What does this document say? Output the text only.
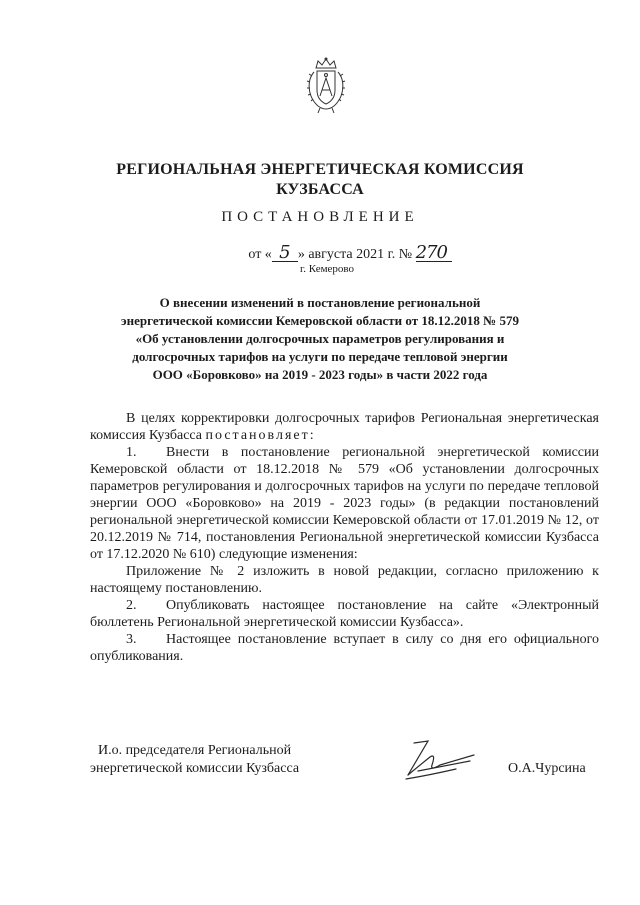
РЕГИОНАЛЬНАЯ ЭНЕРГЕТИЧЕСКАЯ КОМИССИЯ
КУЗБАССА
ПОСТАНОВЛЕНИЕ
от « 5 » августа 2021 г. № 270
г. Кемерово
О внесении изменений в постановление региональной
энергетической комиссии Кемеровской области от 18.12.2018 № 579
«Об установлении долгосрочных параметров регулирования и
долгосрочных тарифов на услуги по передаче тепловой энергии
ООО «Боровково» на 2019 - 2023 годы» в части 2022 года

В целях корректировки долгосрочных тарифов Региональная энергетическая комиссия Кузбасса постановляет:

1. Внести в постановление региональной энергетической комиссии Кемеровской области от 18.12.2018 № 579 «Об установлении долгосрочных параметров регулирования и долгосрочных тарифов на услуги по передаче тепловой энергии ООО «Боровково» на 2019 - 2023 годы» (в редакции постановлений региональной энергетической комиссии Кемеровской области от 17.01.2019 № 12, от 20.12.2019 № 714, постановления Региональной энергетической комиссии Кузбасса от 17.12.2020 № 610) следующие изменения:

Приложение № 2 изложить в новой редакции, согласно приложению к настоящему постановлению.

2. Опубликовать настоящее постановление на сайте «Электронный бюллетень Региональной энергетической комиссии Кузбасса».

3. Настоящее постановление вступает в силу со дня его официального опубликования.

И.о. председателя Региональной
энергетической комиссии Кузбасса	О.А.Чурсина
